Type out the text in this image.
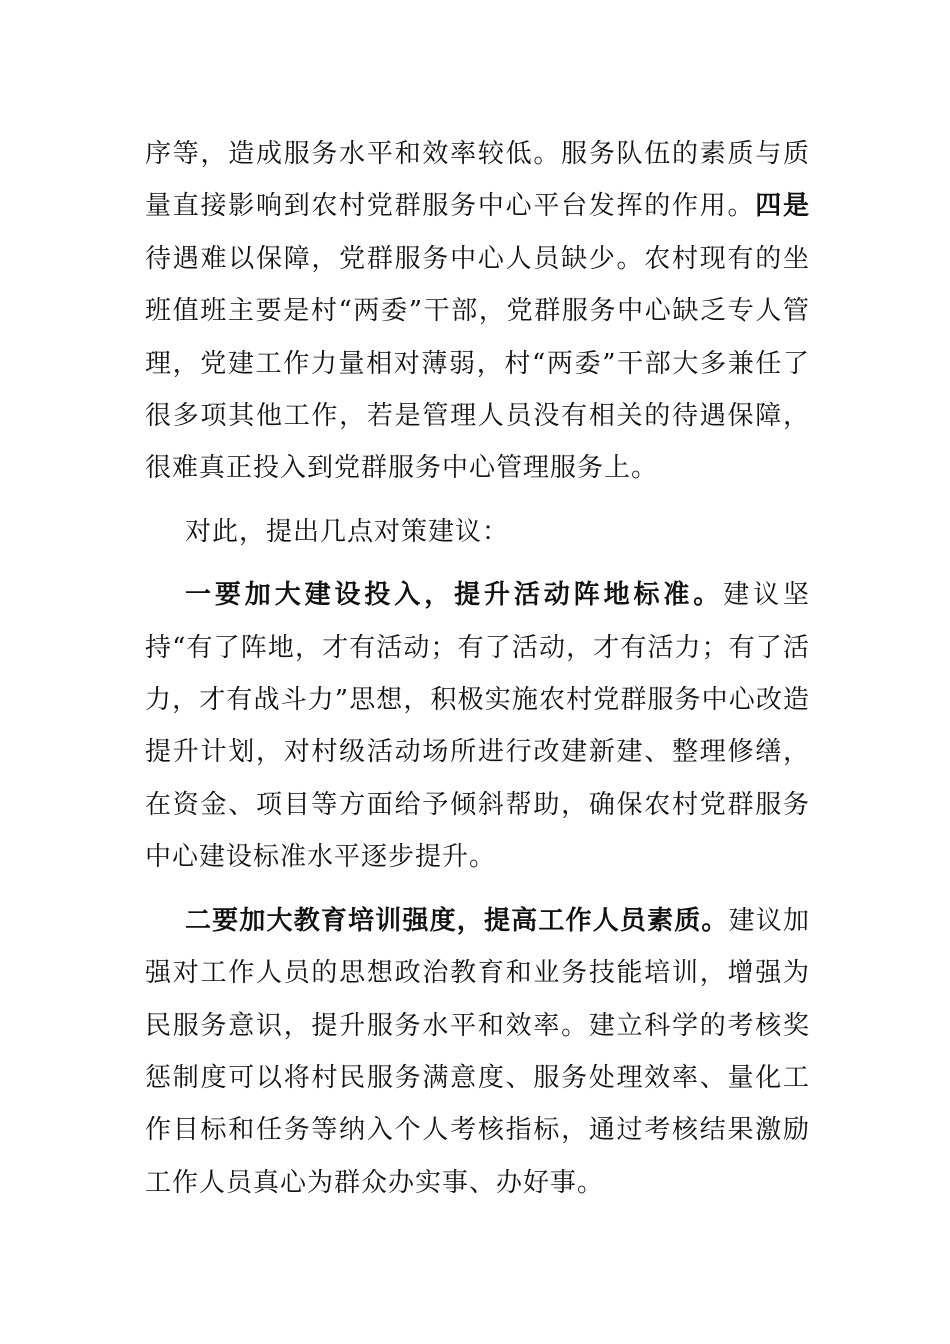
序等，造成服务水平和效率较低。服务队伍的素质与质量直接影响到农村党群服务中心平台发挥的作用。四是待遇难以保障，党群服务中心人员缺少。农村现有的坐班值班主要是村“两委”干部，党群服务中心缺乏专人管理，党建工作力量相对薄弱，村“两委”干部大多兼任了很多项其他工作，若是管理人员没有相关的待遇保障，很难真正投入到党群服务中心管理服务上。

对此，提出几点对策建议：

一要加大建设投入，提升活动阵地标准。建议坚持“有了阵地，才有活动；有了活动，才有活力；有了活力，才有战斗力”思想，积极实施农村党群服务中心改造提升计划，对村级活动场所进行改建新建、整理修缮，在资金、项目等方面给予倾斜帮助，确保农村党群服务中心建设标准水平逐步提升。

二要加大教育培训强度，提高工作人员素质。建议加强对工作人员的思想政治教育和业务技能培训，增强为民服务意识，提升服务水平和效率。建立科学的考核奖惩制度可以将村民服务满意度、服务处理效率、量化工作目标和任务等纳入个人考核指标，通过考核结果激励工作人员真心为群众办实事、办好事。
